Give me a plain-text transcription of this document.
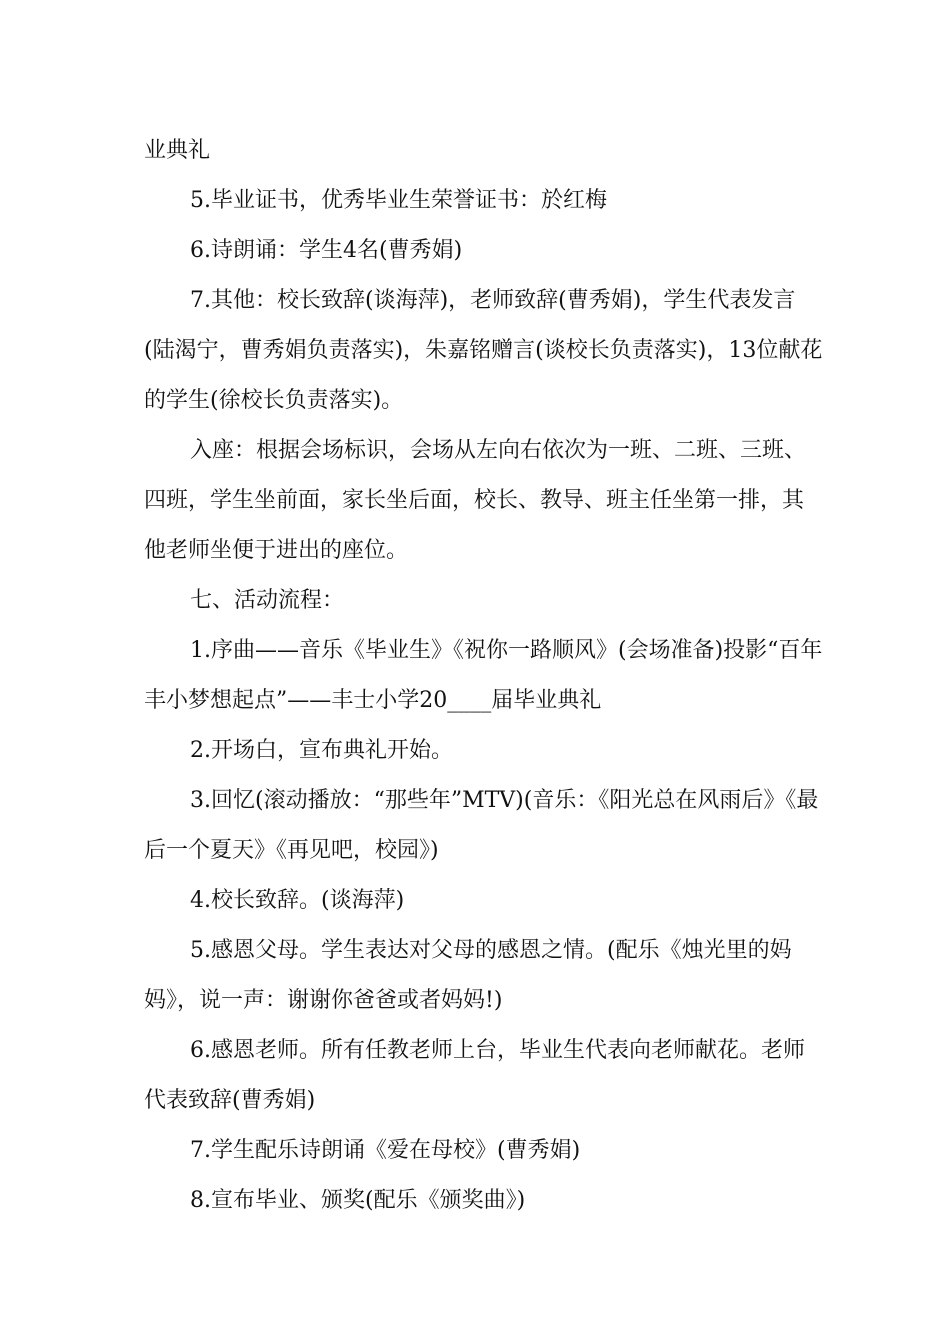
业典礼

5.毕业证书，优秀毕业生荣誉证书：於红梅

6.诗朗诵：学生4名(曹秀娟)

7.其他：校长致辞(谈海萍)，老师致辞(曹秀娟)，学生代表发言(陆渴宁，曹秀娟负责落实)，朱嘉铭赠言(谈校长负责落实)，13位献花的学生(徐校长负责落实)。

入座：根据会场标识，会场从左向右依次为一班、二班、三班、四班，学生坐前面，家长坐后面，校长、教导、班主任坐第一排，其他老师坐便于进出的座位。

七、活动流程：

1.序曲——音乐《毕业生》《祝你一路顺风》(会场准备)投影“百年丰小梦想起点”——丰士小学20____届毕业典礼

2.开场白，宣布典礼开始。

3.回忆(滚动播放：“那些年”MTV)(音乐：《阳光总在风雨后》《最后一个夏天》《再见吧，校园》)

4.校长致辞。(谈海萍)

5.感恩父母。学生表达对父母的感恩之情。(配乐《烛光里的妈妈》，说一声：谢谢你爸爸或者妈妈!)

6.感恩老师。所有任教老师上台，毕业生代表向老师献花。老师代表致辞(曹秀娟)

7.学生配乐诗朗诵《爱在母校》(曹秀娟)

8.宣布毕业、颁奖(配乐《颁奖曲》)
